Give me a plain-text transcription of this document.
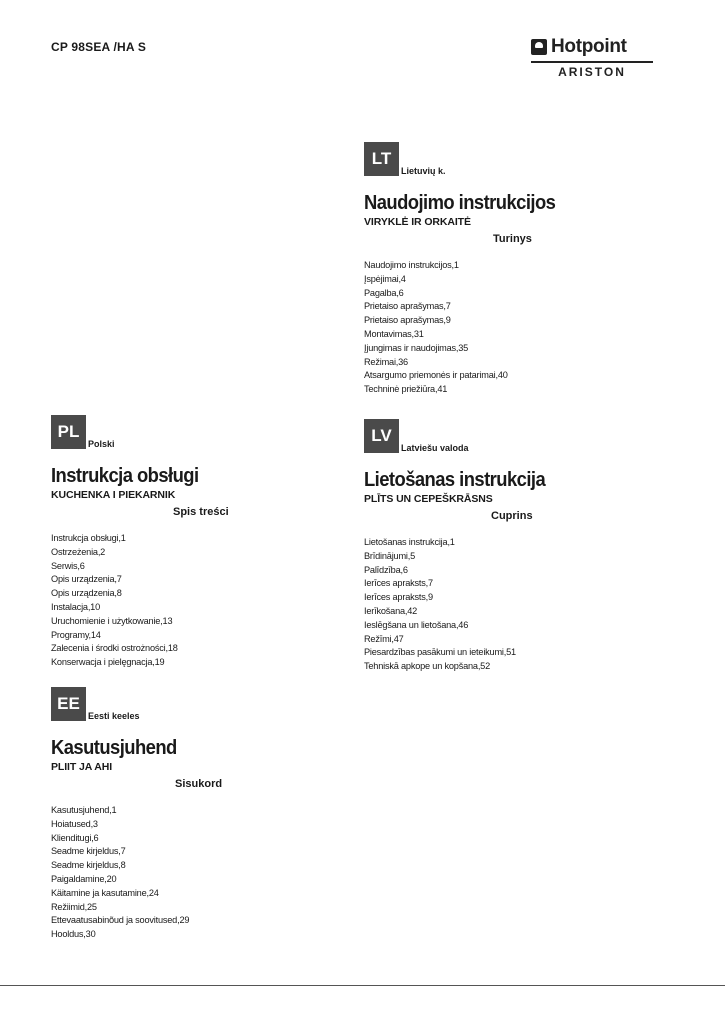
CP 98SEA /HA S	Hotpoint
ARISTON
LT
Lietuvių k.
Naudojimo instrukcijos
VIRYKLĖ IR ORKAITĖ
Turinys
Naudojimo instrukcijos,1
Įspėjimai,4
Pagalba,6
Prietaiso aprašymas,7
Prietaiso aprašymas,9
Montavimas,31
Įjungimas ir naudojimas,35
Režimai,36
Atsargumo priemonės ir patarimai,40
Techninė priežiūra,41
PL
Polski
Instrukcja obsługi
KUCHENKA I PIEKARNIK
Spis treści
Instrukcja obsługi,1
Ostrzeżenia,2
Serwis,6
Opis urządzenia,7
Opis urządzenia,8
Instalacja,10
Uruchomienie i użytkowanie,13
Programy,14
Zalecenia i środki ostrożności,18
Konserwacja i pielęgnacja,19
LV
Latviešu valoda
Lietošanas instrukcija
PLĪTS UN CEPEŠKRĀSNS
Cuprins
Lietošanas instrukcija,1
Brīdinājumi,5
Palīdzība,6
Ierīces apraksts,7
Ierīces apraksts,9
Ierīkošana,42
Ieslēgšana un lietošana,46
Režīmi,47
Piesardzības pasākumi un ieteikumi,51
Tehniskā apkope un kopšana,52
EE
Eesti keeles
Kasutusjuhend
PLIIT JA AHI
Sisukord
Kasutusjuhend,1
Hoiatused,3
Klienditugi,6
Seadme kirjeldus,7
Seadme kirjeldus,8
Paigaldamine,20
Käitamine ja kasutamine,24
Režiimid,25
Ettevaatusabinõud ja soovitused,29
Hooldus,30
